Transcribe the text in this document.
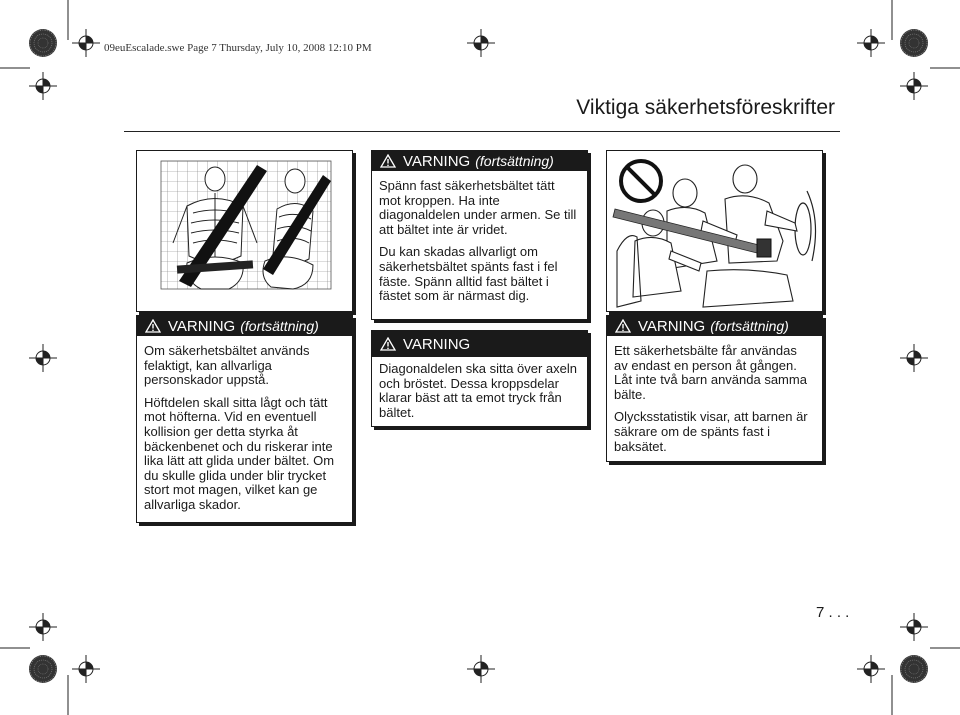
09euEscalade.swe Page 7 Thursday, July 10, 2008 12:10 PM
Viktiga säkerhetsföreskrifter
VARNING (fortsättning)

Om säkerhetsbältet används felaktigt, kan allvarliga personskador uppstå.

Höftdelen skall sitta lågt och tätt mot höfterna. Vid en eventuell kollision ger detta styrka åt bäckenbenet och du riskerar inte lika lätt att glida under bältet. Om du skulle glida under blir trycket stort mot magen, vilket kan ge allvarliga skador.

VARNING (fortsättning)

Spänn fast säkerhetsbältet tätt mot kroppen. Ha inte diagonaldelen under armen. Se till att bältet inte är vridet.

Du kan skadas allvarligt om säkerhetsbältet spänts fast i fel fäste. Spänn alltid fast bältet i fästet som är närmast dig.

VARNING

Diagonaldelen ska sitta över axeln och bröstet. Dessa kroppsdelar klarar bäst att ta emot tryck från bältet.

VARNING (fortsättning)

Ett säkerhetsbälte får användas av endast en person åt gången. Låt inte två barn använda samma bälte.

Olycksstatistik visar, att barnen är säkrare om de spänts fast i baksätet.

7 . . .
